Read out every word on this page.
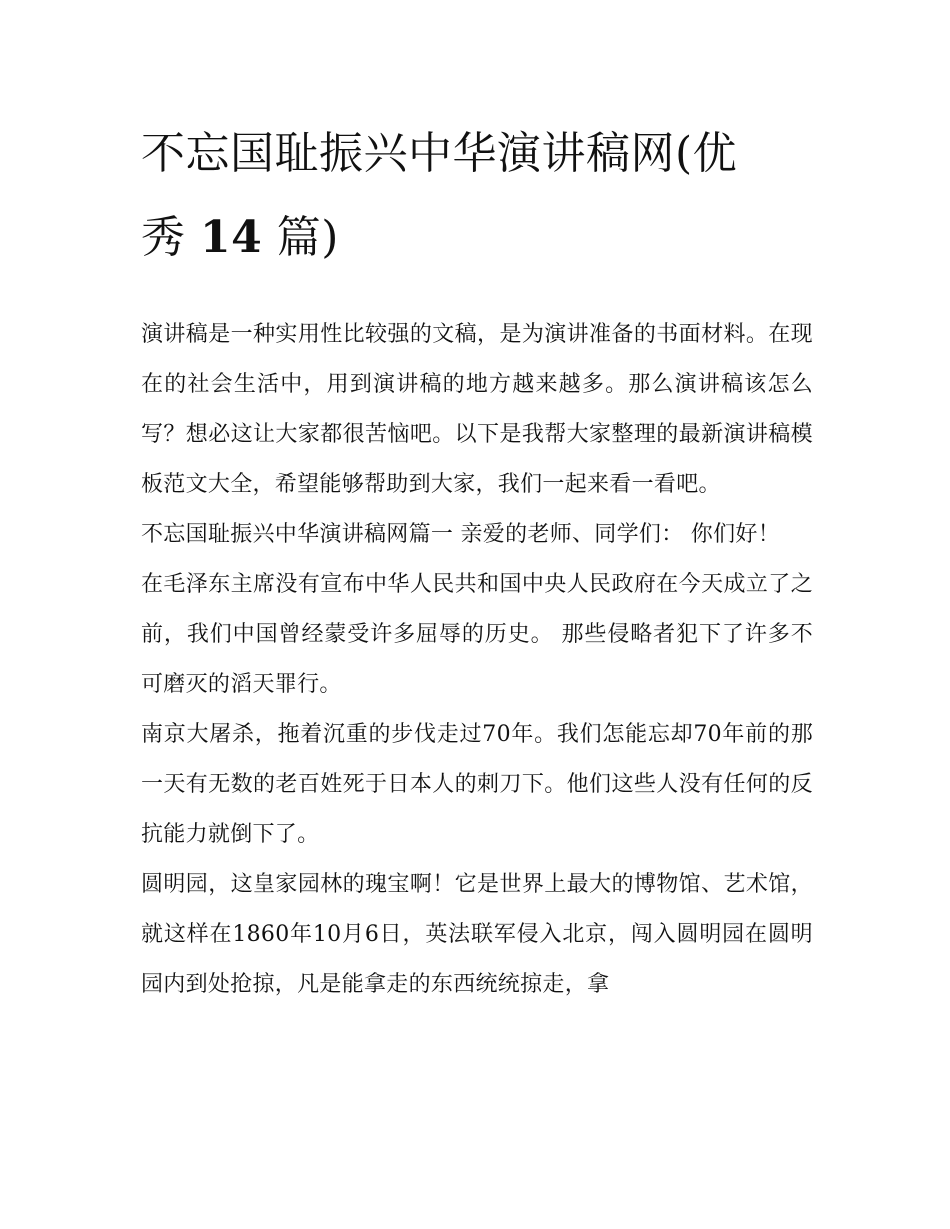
不忘国耻振兴中华演讲稿网(优
秀 14 篇)

演讲稿是一种实用性比较强的文稿，是为演讲准备的书面材料。在现在的社会生活中，用到演讲稿的地方越来越多。那么演讲稿该怎么写？想必这让大家都很苦恼吧。以下是我帮大家整理的最新演讲稿模板范文大全，希望能够帮助到大家，我们一起来看一看吧。

不忘国耻振兴中华演讲稿网篇一 亲爱的老师、同学们： 你们好！

在毛泽东主席没有宣布中华人民共和国中央人民政府在今天成立了之前，我们中国曾经蒙受许多屈辱的历史。 那些侵略者犯下了许多不可磨灭的滔天罪行。

南京大屠杀，拖着沉重的步伐走过70年。我们怎能忘却70年前的那一天有无数的老百姓死于日本人的刺刀下。他们这些人没有任何的反抗能力就倒下了。

圆明园，这皇家园林的瑰宝啊！它是世界上最大的博物馆、艺术馆，就这样在1860年10月6日，英法联军侵入北京，闯入圆明园在圆明园内到处抢掠，凡是能拿走的东西统统掠走，拿
